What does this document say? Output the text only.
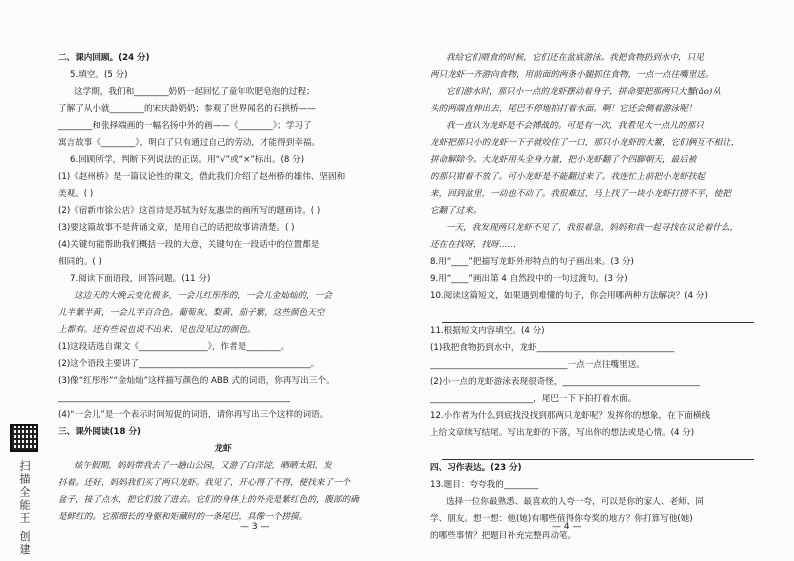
扫描全能王 创建
二、课内回顾。(24 分)
5.填空。(5 分)
这学期，我们和________奶奶一起回忆了童年吹肥皂泡的过程；
了解了从小就________的宋庆龄奶奶；参观了世界闻名的石拱桥——
________和张择端画的一幅名扬中外的画——《________》；学习了
寓言故事《________》，明白了只有通过自己的劳动，才能得到幸福。
6.回顾所学，判断下列说法的正误。用“√”或“×”标出。(8 分)
(1)《赵州桥》是一篇议论性的课文，借此我们介绍了赵州桥的雄伟、坚固和
美观。( )
(2)《宿新市徐公店》这首诗是苏轼为好友惠崇的画所写的题画诗。( )
(3)要这篇故事不是背诵文章，是用自己的话把故事讲清楚。( )
(4)关键句能帮助我们概括一段的大意，关键句在一段话中的位置都是
相同的。( )
7.阅读下面语段，回答问题。(11 分)
这边天的大晚云变化极多，一会儿红彤彤的，一会儿金灿灿的，一会
儿半紫半黄，一会儿半百合色。葡萄灰、梨黄、茄子紫，这些颜色天空
上都有。还有些说也说不出来、见也没见过的颜色。
(1)这段话选自课文《________________》，作者是________。
(2)这个语段主要讲了________________________________________。
(3)像“红彤彤”“金灿灿”这样描写颜色的 ABB 式的词语，你再写出三个。
______________________________________________________
(4)“一会儿”是一个表示时间短促的词语，请你再写出三个这样的词语。
三、课外阅读(18 分)
龙虾
炫午假期，妈妈带我去了一趟山公园，又游了白洋淀，晒晒太阳，发
抖着。还好，妈妈我们买了两只龙虾。我见了，开心得了不得，便找来了一个
盆子，接了点水，把它们放了进去。它们的身体上的外壳是紫红色的，腹部的确
是鲜红的。它那细长的身躯和矩藏时的一条尾巴，具像一个捞摸。
— 3 —
我给它们喂食的时候，它们还在盆底游泳。我把食物扔到水中，只见
两只龙虾一齐游向食物，用前面的两条小腿抓住食物，一点一点往嘴里送。
它们游水时，那只小一点的龙虾摆动着身子，拼命要把那两只大蟹(ǎo)从
头的两端直伸出去，尾巴不停地拍打着水面。啊！它还会侧着游泳呢！
我一直认为龙虾是不会搏战的。可是有一次，我看见大一点儿的那只
龙虾把那只小的龙虾一下子就咬住了一口，那只小龙虾的大鳌，它们俩互不相让，
拼命解除今。大龙虾用头全身力量，把小龙虾翻了个四脚朝天，最后被
的那只钳着不放了。可小龙虾是不能翻过来了。我连忙上前把小龙虾扶起
来，回到盆里，一动也不动了。我很难过，马上找了一块小龙虾打捞不平，使把
它翻了过来。
一天，我发现两只龙虾不见了，我很着急，妈妈和我一起寻找在议论着什么，
还在在找呀，找呀……
8.用“____”把描写龙虾外形特点的句子画出来。(3 分)
9.用“____”画出第 4 自然段中的一句过渡句。(3 分)
10.阅读这篇短文，如果遇到难懂的句子，你会用哪两种方法解决？(4 分)
11.根据短文内容填空。(4 分)
(1)我把食物扔到水中，龙虾________________________________
________________________________一点一点往嘴里送。
(2)小一点的龙虾游泳表现很奇怪，________________________________
________________________，尾巴一下下拍打着水面。
12.小作者为什么到底找没找到那两只龙虾呢？发挥你的想象，在下面横线
上给文章续写结尾。写出龙虾的下落，写出你的想法或是心情。(4 分)
四、习作表达。(23 分)
13.题目：夸夸我的________
选择一位你最熟悉、最喜欢的人夸一夸，可以是你的家人、老师、同
学、朋友。想一想：他(她)有哪些值得你夸奖的地方？你打算写他(她)
的哪些事情？把题目补充完整再动笔。
— 4 —
